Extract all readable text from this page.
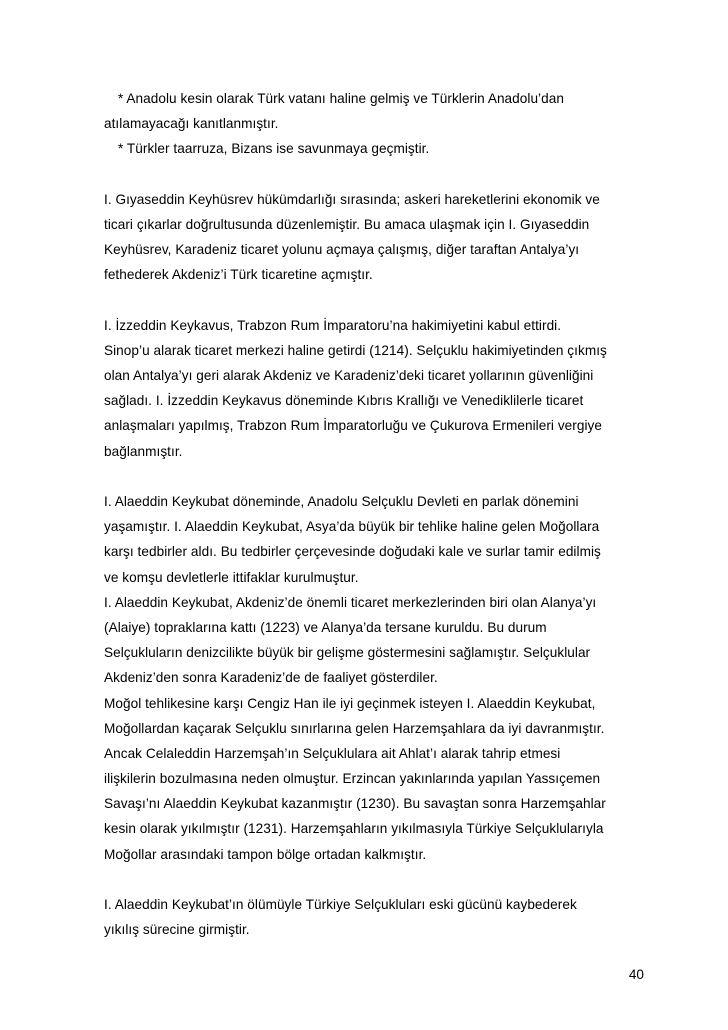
* Anadolu kesin olarak Türk vatanı haline gelmiş ve Türklerin Anadolu’dan
atılamayacağı kanıtlanmıştır.
* Türkler taarruza, Bizans ise savunmaya geçmiştir.
I. Gıyaseddin Keyhüsrev hükümdarlığı sırasında; askeri hareketlerini ekonomik ve
ticari çıkarlar doğrultusunda düzenlemiştir. Bu amaca ulaşmak için I. Gıyaseddin
Keyhüsrev, Karadeniz ticaret yolunu açmaya çalışmış, diğer taraftan Antalya’yı
fethederek Akdeniz’i Türk ticaretine açmıştır.
I. İzzeddin Keykavus, Trabzon Rum İmparatoru’na hakimiyetini kabul ettirdi.
Sinop’u alarak ticaret merkezi haline getirdi (1214). Selçuklu hakimiyetinden çıkmış
olan Antalya’yı geri alarak Akdeniz ve Karadeniz’deki ticaret yollarının güvenliğini
sağladı. I. İzzeddin Keykavus döneminde Kıbrıs Krallığı ve Venediklilerle ticaret
anlaşmaları yapılmış, Trabzon Rum İmparatorluğu ve Çukurova Ermenileri vergiye
bağlanmıştır.
I. Alaeddin Keykubat döneminde, Anadolu Selçuklu Devleti en parlak dönemini
yaşamıştır. I. Alaeddin Keykubat, Asya’da büyük bir tehlike haline gelen Moğollara
karşı tedbirler aldı. Bu tedbirler çerçevesinde doğudaki kale ve surlar tamir edilmiş
ve komşu devletlerle ittifaklar kurulmuştur.
I. Alaeddin Keykubat, Akdeniz’de önemli ticaret merkezlerinden biri olan Alanya’yı
(Alaiye) topraklarına kattı (1223) ve Alanya’da tersane kuruldu. Bu durum
Selçukluların denizcilikte büyük bir gelişme göstermesini sağlamıştır. Selçuklular
Akdeniz’den sonra Karadeniz’de de faaliyet gösterdiler.
Moğol tehlikesine karşı Cengiz Han ile iyi geçinmek isteyen I. Alaeddin Keykubat,
Moğollardan kaçarak Selçuklu sınırlarına gelen Harzemşahlara da iyi davranmıştır.
Ancak Celaleddin Harzemşah’ın Selçuklulara ait Ahlat’ı alarak tahrip etmesi
ilişkilerin bozulmasına neden olmuştur. Erzincan yakınlarında yapılan Yassıçemen
Savaşı’nı Alaeddin Keykubat kazanmıştır (1230). Bu savaştan sonra Harzemşahlar
kesin olarak yıkılmıştır (1231). Harzemşahların yıkılmasıyla Türkiye Selçuklularıyla
Moğollar arasındaki tampon bölge ortadan kalkmıştır.
I. Alaeddin Keykubat’ın ölümüyle Türkiye Selçukluları eski gücünü kaybederek
yıkılış sürecine girmiştir.
40
